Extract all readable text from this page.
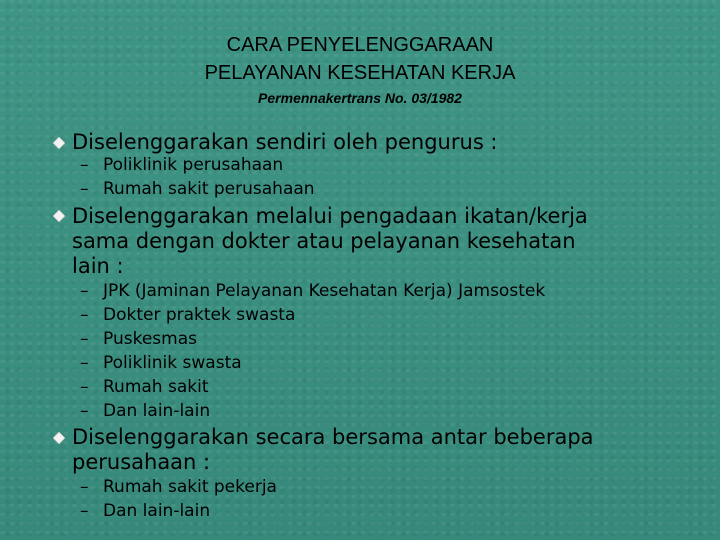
CARA PENYELENGGARAAN
PELAYANAN KESEHATAN KERJA
Permennakertrans No. 03/1982
Diselenggarakan sendiri oleh pengurus :
– Poliklinik perusahaan
– Rumah sakit perusahaan
Diselenggarakan melalui pengadaan ikatan/kerja
sama dengan dokter atau pelayanan kesehatan
lain :
– JPK (Jaminan Pelayanan Kesehatan Kerja) Jamsostek
– Dokter praktek swasta
– Puskesmas
– Poliklinik swasta
– Rumah sakit
– Dan lain-lain
Diselenggarakan secara bersama antar beberapa
perusahaan :
– Rumah sakit pekerja
– Dan lain-lain
